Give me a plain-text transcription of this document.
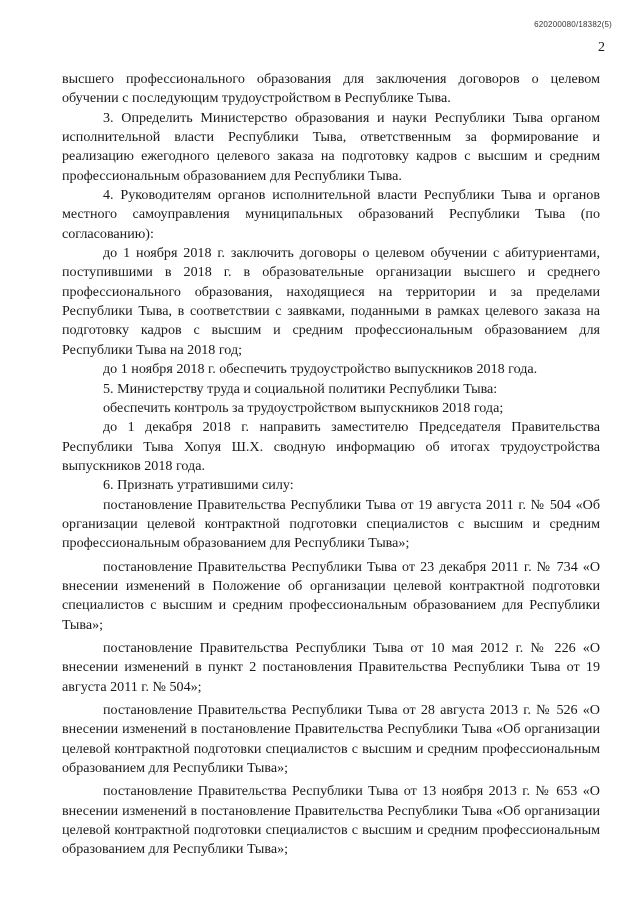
620200080/18382(5)
2

высшего профессионального образования для заключения договоров о целевом обучении с последующим трудоустройством в Республике Тыва.

3. Определить Министерство образования и науки Республики Тыва органом исполнительной власти Республики Тыва, ответственным за формирование и реализацию ежегодного целевого заказа на подготовку кадров с высшим и средним профессиональным образованием для Республики Тыва.

4. Руководителям органов исполнительной власти Республики Тыва и органов местного самоуправления муниципальных образований Республики Тыва (по согласованию):

до 1 ноября 2018 г. заключить договоры о целевом обучении с абитуриентами, поступившими в 2018 г. в образовательные организации высшего и среднего профессионального образования, находящиеся на территории и за пределами Республики Тыва, в соответствии с заявками, поданными в рамках целевого заказа на подготовку кадров с высшим и средним профессиональным образованием для Республики Тыва на 2018 год;

до 1 ноября 2018 г. обеспечить трудоустройство выпускников 2018 года.

5. Министерству труда и социальной политики Республики Тыва:

обеспечить контроль за трудоустройством выпускников 2018 года;

до 1 декабря 2018 г. направить заместителю Председателя Правительства Республики Тыва Хопуя Ш.Х. сводную информацию об итогах трудоустройства выпускников 2018 года.

6. Признать утратившими силу:

постановление Правительства Республики Тыва от 19 августа 2011 г. № 504 «Об организации целевой контрактной подготовки специалистов с высшим и средним профессиональным образованием для Республики Тыва»;

постановление Правительства Республики Тыва от 23 декабря 2011 г. № 734 «О внесении изменений в Положение об организации целевой контрактной подготовки специалистов с высшим и средним профессиональным образованием для Республики Тыва»;

постановление Правительства Республики Тыва от 10 мая 2012 г. № 226 «О внесении изменений в пункт 2 постановления Правительства Республики Тыва от 19 августа 2011 г. № 504»;

постановление Правительства Республики Тыва от 28 августа 2013 г. № 526 «О внесении изменений в постановление Правительства Республики Тыва «Об организации целевой контрактной подготовки специалистов с высшим и средним профессиональным образованием для Республики Тыва»;

постановление Правительства Республики Тыва от 13 ноября 2013 г. № 653 «О внесении изменений в постановление Правительства Республики Тыва «Об организации целевой контрактной подготовки специалистов с высшим и средним профессиональным образованием для Республики Тыва»;
